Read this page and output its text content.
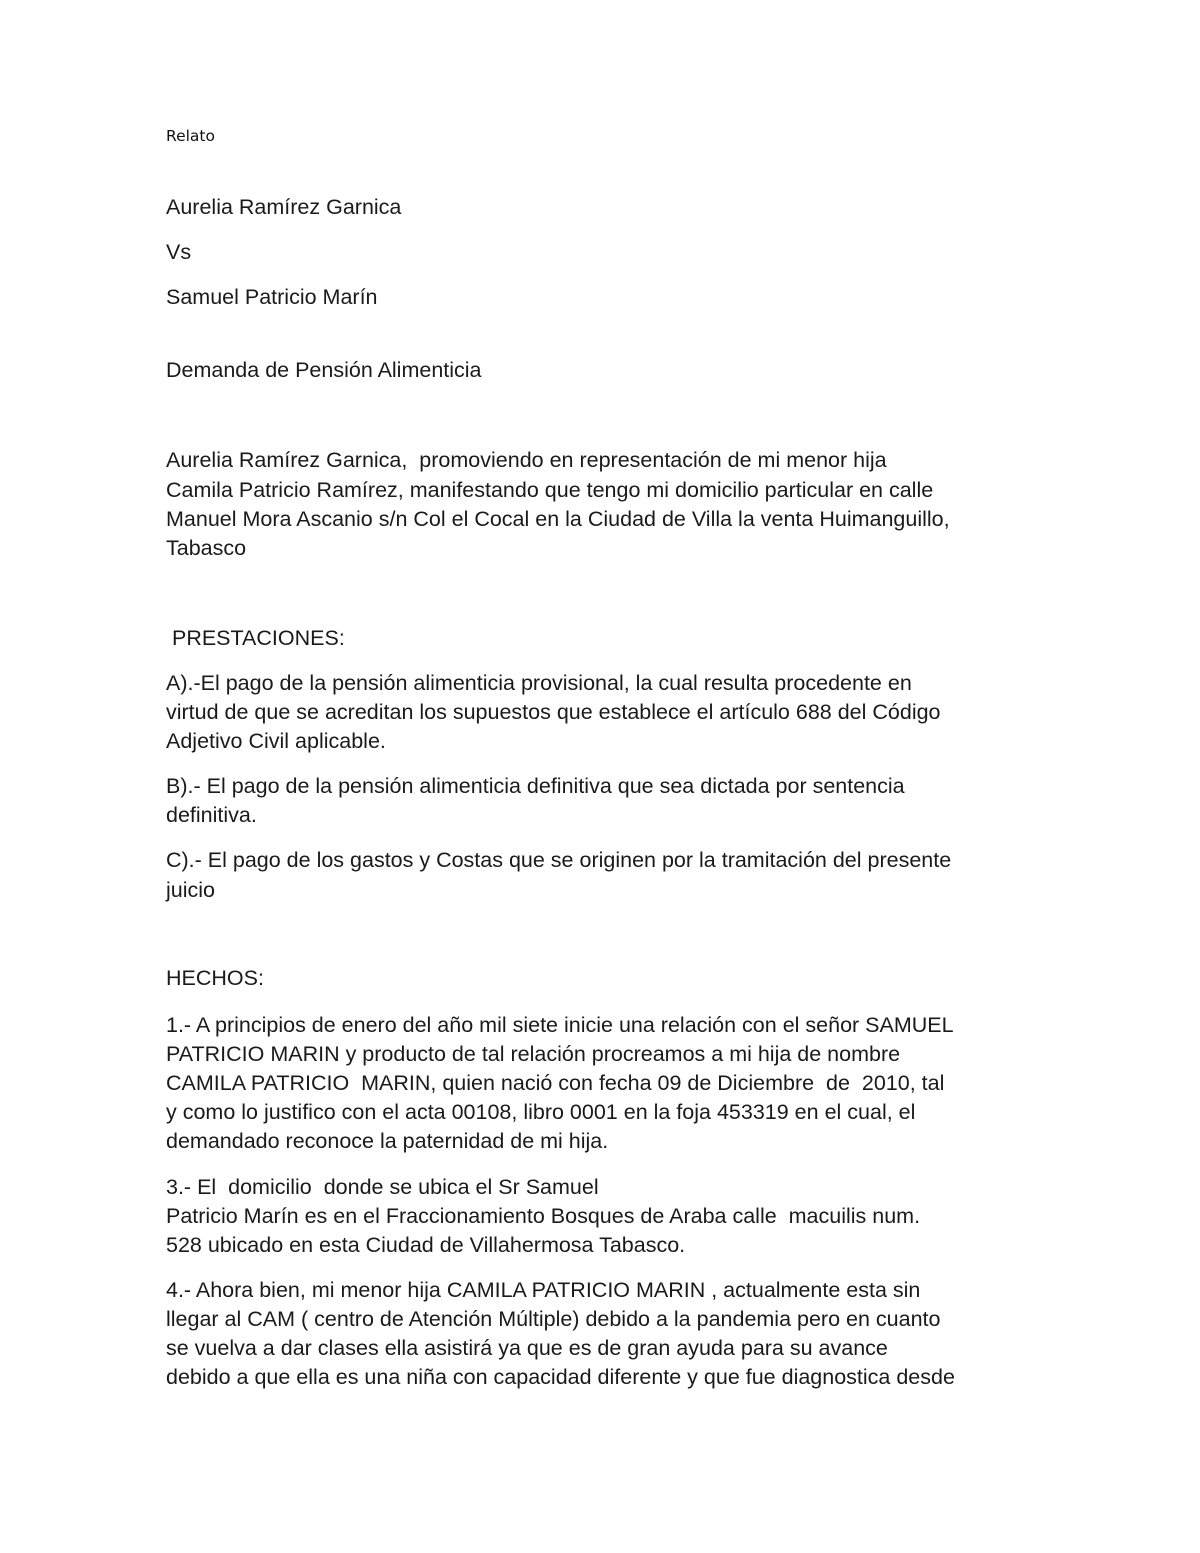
Relato
Aurelia Ramírez Garnica
Vs
Samuel Patricio Marín
Demanda de Pensión Alimenticia
Aurelia Ramírez Garnica,  promoviendo en representación de mi menor hija
Camila Patricio Ramírez, manifestando que tengo mi domicilio particular en calle
Manuel Mora Ascanio s/n Col el Cocal en la Ciudad de Villa la venta Huimanguillo,
Tabasco
PRESTACIONES:
A).-El pago de la pensión alimenticia provisional, la cual resulta procedente en
virtud de que se acreditan los supuestos que establece el artículo 688 del Código
Adjetivo Civil aplicable.
B).- El pago de la pensión alimenticia definitiva que sea dictada por sentencia
definitiva.
C).- El pago de los gastos y Costas que se originen por la tramitación del presente
juicio
HECHOS:
1.- A principios de enero del año mil siete inicie una relación con el señor SAMUEL
PATRICIO MARIN y producto de tal relación procreamos a mi hija de nombre
CAMILA PATRICIO  MARIN, quien nació con fecha 09 de Diciembre  de  2010, tal
y como lo justifico con el acta 00108, libro 0001 en la foja 453319 en el cual, el
demandado reconoce la paternidad de mi hija.
3.- El  domicilio  donde se ubica el Sr Samuel
Patricio Marín es en el Fraccionamiento Bosques de Araba calle  macuilis num.
528 ubicado en esta Ciudad de Villahermosa Tabasco.
4.- Ahora bien, mi menor hija CAMILA PATRICIO MARIN , actualmente esta sin
llegar al CAM ( centro de Atención Múltiple) debido a la pandemia pero en cuanto
se vuelva a dar clases ella asistirá ya que es de gran ayuda para su avance
debido a que ella es una niña con capacidad diferente y que fue diagnostica desde
